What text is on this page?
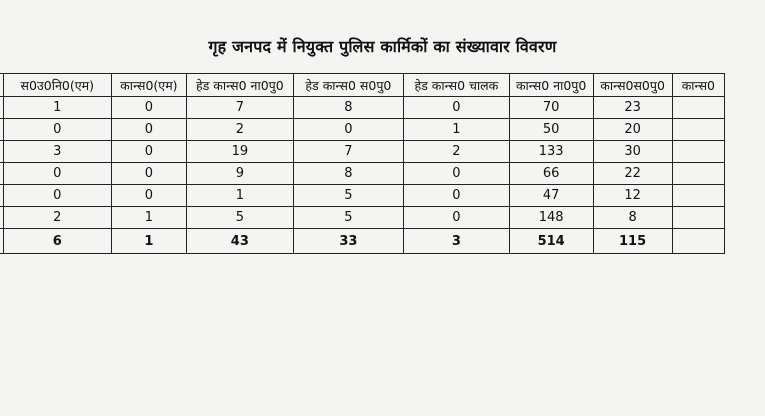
गृह जनपद में नियुक्त पुलिस कार्मिकों का संख्यावार विवरण
	स0उ0नि0(एम)	कान्स0(एम)	हेड कान्स0 ना0पु0	हेड कान्स0 स0पु0	हेड कान्स0 चालक	कान्स0 ना0पु0	कान्स0स0पु0	कान्स0
	1	0	7	8	0	70	23	
	0	0	2	0	1	50	20	
	3	0	19	7	2	133	30	
	0	0	9	8	0	66	22	
	0	0	1	5	0	47	12	
	2	1	5	5	0	148	8	
	6	1	43	33	3	514	115	
